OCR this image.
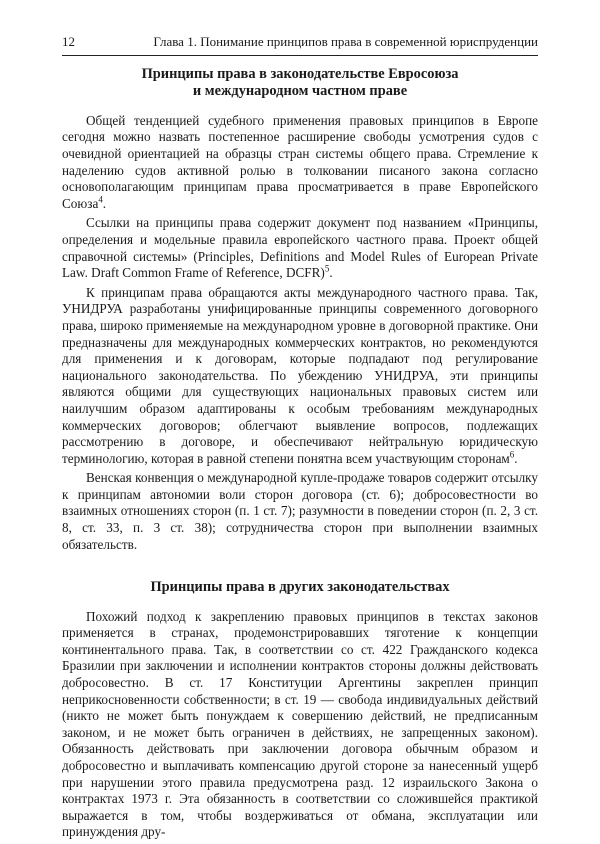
12	Глава 1. Понимание принципов права в современной юриспруденции
Принципы права в законодательстве Евросоюза
и международном частном праве

Общей тенденцией судебного применения правовых принципов в Европе сегодня можно назвать постепенное расширение свободы усмотрения судов с очевидной ориентацией на образцы стран системы общего права. Стремление к наделению судов активной ролью в толковании писаного закона согласно основополагающим принципам права просматривается в праве Европейского Союза$^4$.

Ссылки на принципы права содержит документ под названием «Принципы, определения и модельные правила европейского частного права. Проект общей справочной системы» (Principles, Definitions and Model Rules of European Private Law. Draft Common Frame of Reference, DCFR)$^5$.

К принципам права обращаются акты международного частного права. Так, УНИДРУА разработаны унифицированные принципы современного договорного права, широко применяемые на международном уровне в договорной практике. Они предназначены для международных коммерческих контрактов, но рекомендуются для применения и к договорам, которые подпадают под регулирование национального законодательства. По убеждению УНИДРУА, эти принципы являются общими для существующих национальных правовых систем или наилучшим образом адаптированы к особым требованиям международных коммерческих договоров; облегчают выявление вопросов, подлежащих рассмотрению в договоре, и обеспечивают нейтральную юридическую терминологию, которая в равной степени понятна всем участвующим сторонам$^6$.

Венская конвенция о международной купле-продаже товаров содержит отсылку к принципам автономии воли сторон договора (ст. 6); добросовестности во взаимных отношениях сторон (п. 1 ст. 7); разумности в поведении сторон (п. 2, 3 ст. 8, ст. 33, п. 3 ст. 38); сотрудничества сторон при выполнении взаимных обязательств.

Принципы права в других законодательствах

Похожий подход к закреплению правовых принципов в текстах законов применяется в странах, продемонстрировавших тяготение к концепции континентального права. Так, в соответствии со ст. 422 Гражданского кодекса Бразилии при заключении и исполнении контрактов стороны должны действовать добросовестно. В ст. 17 Конституции Аргентины закреплен принцип неприкосновенности собственности; в ст. 19 — свобода индивидуальных действий (никто не может быть понуждаем к совершению действий, не предписанным законом, и не может быть ограничен в действиях, не запрещенных законом). Обязанность действовать при заключении договора обычным образом и добросовестно и выплачивать компенсацию другой стороне за нанесенный ущерб при нарушении этого правила предусмотрена разд. 12 израильского Закона о контрактах 1973 г. Эта обязанность в соответствии со сложившейся практикой выражается в том, чтобы воздерживаться от обмана, эксплуатации или принуждения дру-
